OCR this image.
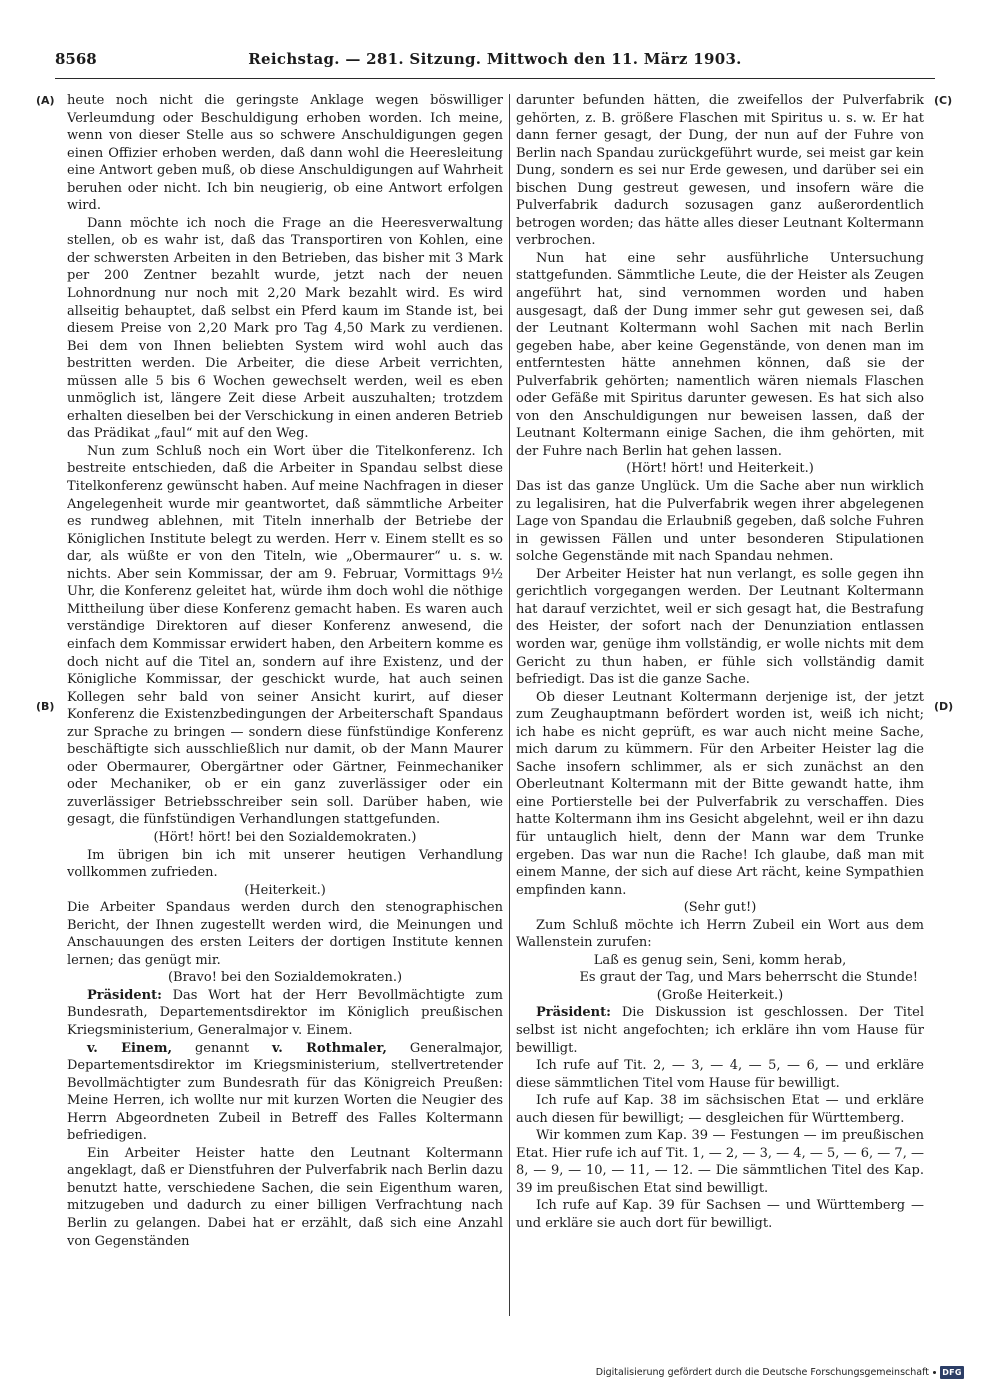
8568	Reichstag. — 281. Sitzung. Mittwoch den 11. März 1903.
(A)
(B)
(C)
(D)

heute noch nicht die geringste Anklage wegen böswilliger Verleumdung oder Beschuldigung erhoben worden. Ich meine, wenn von dieser Stelle aus so schwere Anschuldigungen gegen einen Offizier erhoben werden, daß dann wohl die Heeresleitung eine Antwort geben muß, ob diese Anschuldigungen auf Wahrheit beruhen oder nicht. Ich bin neugierig, ob eine Antwort erfolgen wird.

Dann möchte ich noch die Frage an die Heeresverwaltung stellen, ob es wahr ist, daß das Transportiren von Kohlen, eine der schwersten Arbeiten in den Betrieben, das bisher mit 3 Mark per 200 Zentner bezahlt wurde, jetzt nach der neuen Lohnordnung nur noch mit 2,20 Mark bezahlt wird. Es wird allseitig behauptet, daß selbst ein Pferd kaum im Stande ist, bei diesem Preise von 2,20 Mark pro Tag 4,50 Mark zu verdienen. Bei dem von Ihnen beliebten System wird wohl auch das bestritten werden. Die Arbeiter, die diese Arbeit verrichten, müssen alle 5 bis 6 Wochen gewechselt werden, weil es eben unmöglich ist, längere Zeit diese Arbeit auszuhalten; trotzdem erhalten dieselben bei der Verschickung in einen anderen Betrieb das Prädikat „faul“ mit auf den Weg.

Nun zum Schluß noch ein Wort über die Titelkonferenz. Ich bestreite entschieden, daß die Arbeiter in Spandau selbst diese Titelkonferenz gewünscht haben. Auf meine Nachfragen in dieser Angelegenheit wurde mir geantwortet, daß sämmtliche Arbeiter es rundweg ablehnen, mit Titeln innerhalb der Betriebe der Königlichen Institute belegt zu werden. Herr v. Einem stellt es so dar, als wüßte er von den Titeln, wie „Obermaurer“ u. s. w. nichts. Aber sein Kommissar, der am 9. Februar, Vormittags 9½ Uhr, die Konferenz geleitet hat, würde ihm doch wohl die nöthige Mittheilung über diese Konferenz gemacht haben. Es waren auch verständige Direktoren auf dieser Konferenz anwesend, die einfach dem Kommissar erwidert haben, den Arbeitern komme es doch nicht auf die Titel an, sondern auf ihre Existenz, und der Königliche Kommissar, der geschickt wurde, hat auch seinen Kollegen sehr bald von seiner Ansicht kurirt, auf dieser Konferenz die Existenzbedingungen der Arbeiterschaft Spandaus zur Sprache zu bringen — sondern diese fünfstündige Konferenz beschäftigte sich ausschließlich nur damit, ob der Mann Maurer oder Obermaurer, Obergärtner oder Gärtner, Feinmechaniker oder Mechaniker, ob er ein ganz zuverlässiger oder ein zuverlässiger Betriebsschreiber sein soll. Darüber haben, wie gesagt, die fünfstündigen Verhandlungen stattgefunden.

(Hört! hört! bei den Sozialdemokraten.)

Im übrigen bin ich mit unserer heutigen Verhandlung vollkommen zufrieden.

(Heiterkeit.)

Die Arbeiter Spandaus werden durch den stenographischen Bericht, der Ihnen zugestellt werden wird, die Meinungen und Anschauungen des ersten Leiters der dortigen Institute kennen lernen; das genügt mir.

(Bravo! bei den Sozialdemokraten.)

Präsident: Das Wort hat der Herr Bevollmächtigte zum Bundesrath, Departementsdirektor im Königlich preußischen Kriegsministerium, Generalmajor v. Einem.

v. Einem, genannt v. Rothmaler, Generalmajor, Departementsdirektor im Kriegsministerium, stellvertretender Bevollmächtigter zum Bundesrath für das Königreich Preußen: Meine Herren, ich wollte nur mit kurzen Worten die Neugier des Herrn Abgeordneten Zubeil in Betreff des Falles Koltermann befriedigen.

Ein Arbeiter Heister hatte den Leutnant Koltermann angeklagt, daß er Dienstfuhren der Pulverfabrik nach Berlin dazu benutzt hatte, verschiedene Sachen, die sein Eigenthum waren, mitzugeben und dadurch zu einer billigen Verfrachtung nach Berlin zu gelangen. Dabei hat er erzählt, daß sich eine Anzahl von Gegenständen

darunter befunden hätten, die zweifellos der Pulverfabrik gehörten, z. B. größere Flaschen mit Spiritus u. s. w. Er hat dann ferner gesagt, der Dung, der nun auf der Fuhre von Berlin nach Spandau zurückgeführt wurde, sei meist gar kein Dung, sondern es sei nur Erde gewesen, und darüber sei ein bischen Dung gestreut gewesen, und insofern wäre die Pulverfabrik dadurch sozusagen ganz außerordentlich betrogen worden; das hätte alles dieser Leutnant Koltermann verbrochen.

Nun hat eine sehr ausführliche Untersuchung stattgefunden. Sämmtliche Leute, die der Heister als Zeugen angeführt hat, sind vernommen worden und haben ausgesagt, daß der Dung immer sehr gut gewesen sei, daß der Leutnant Koltermann wohl Sachen mit nach Berlin gegeben habe, aber keine Gegenstände, von denen man im entferntesten hätte annehmen können, daß sie der Pulverfabrik gehörten; namentlich wären niemals Flaschen oder Gefäße mit Spiritus darunter gewesen. Es hat sich also von den Anschuldigungen nur beweisen lassen, daß der Leutnant Koltermann einige Sachen, die ihm gehörten, mit der Fuhre nach Berlin hat gehen lassen.

(Hört! hört! und Heiterkeit.)

Das ist das ganze Unglück. Um die Sache aber nun wirklich zu legalisiren, hat die Pulverfabrik wegen ihrer abgelegenen Lage von Spandau die Erlaubniß gegeben, daß solche Fuhren in gewissen Fällen und unter besonderen Stipulationen solche Gegenstände mit nach Spandau nehmen.

Der Arbeiter Heister hat nun verlangt, es solle gegen ihn gerichtlich vorgegangen werden. Der Leutnant Koltermann hat darauf verzichtet, weil er sich gesagt hat, die Bestrafung des Heister, der sofort nach der Denunziation entlassen worden war, genüge ihm vollständig, er wolle nichts mit dem Gericht zu thun haben, er fühle sich vollständig damit befriedigt. Das ist die ganze Sache.

Ob dieser Leutnant Koltermann derjenige ist, der jetzt zum Zeughauptmann befördert worden ist, weiß ich nicht; ich habe es nicht geprüft, es war auch nicht meine Sache, mich darum zu kümmern. Für den Arbeiter Heister lag die Sache insofern schlimmer, als er sich zunächst an den Oberleutnant Koltermann mit der Bitte gewandt hatte, ihm eine Portierstelle bei der Pulverfabrik zu verschaffen. Dies hatte Koltermann ihm ins Gesicht abgelehnt, weil er ihn dazu für untauglich hielt, denn der Mann war dem Trunke ergeben. Das war nun die Rache! Ich glaube, daß man mit einem Manne, der sich auf diese Art rächt, keine Sympathien empfinden kann.

(Sehr gut!)

Zum Schluß möchte ich Herrn Zubeil ein Wort aus dem Wallenstein zurufen:

Laß es genug sein, Seni, komm herab,

Es graut der Tag, und Mars beherrscht die Stunde!

(Große Heiterkeit.)

Präsident: Die Diskussion ist geschlossen. Der Titel selbst ist nicht angefochten; ich erkläre ihn vom Hause für bewilligt.

Ich rufe auf Tit. 2, — 3, — 4, — 5, — 6, — und erkläre diese sämmtlichen Titel vom Hause für bewilligt.

Ich rufe auf Kap. 38 im sächsischen Etat — und erkläre auch diesen für bewilligt; — desgleichen für Württemberg.

Wir kommen zum Kap. 39 — Festungen — im preußischen Etat. Hier rufe ich auf Tit. 1, — 2, — 3, — 4, — 5, — 6, — 7, — 8, — 9, — 10, — 11, — 12. — Die sämmtlichen Titel des Kap. 39 im preußischen Etat sind bewilligt.

Ich rufe auf Kap. 39 für Sachsen — und Württemberg — und erkläre sie auch dort für bewilligt.

Digitalisierung gefördert durch die Deutsche Forschungsgemeinschaft DFG
